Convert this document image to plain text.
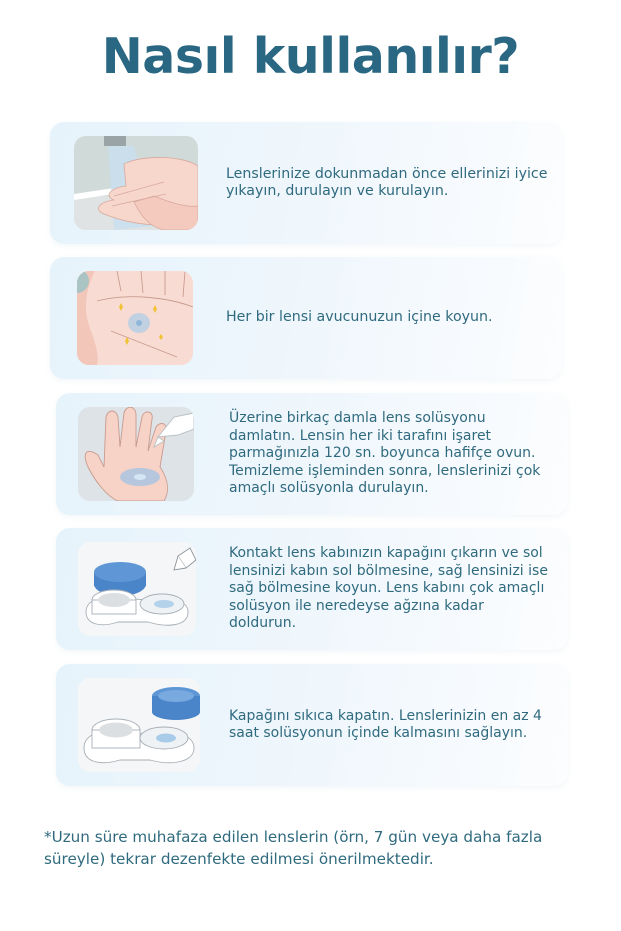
Nasıl kullanılır?
Lenslerinize dokunmadan önce ellerinizi iyice yıkayın, durulayın ve kurulayın.
Her bir lensi avucunuzun içine koyun.
Üzerine birkaç damla lens solüsyonu damlatın. Lensin her iki tarafını işaret parmağınızla 120 sn. boyunca hafifçe ovun. Temizleme işleminden sonra, lenslerinizi çok amaçlı solüsyonla durulayın.
Kontakt lens kabınızın kapağını çıkarın ve sol lensinizi kabın sol bölmesine, sağ lensinizi ise sağ bölmesine koyun. Lens kabını çok amaçlı solüsyon ile neredeyse ağzına kadar doldurun.
Kapağını sıkıca kapatın. Lenslerinizin en az 4 saat solüsyonun içinde kalmasını sağlayın.

*Uzun süre muhafaza edilen lenslerin (örn, 7 gün veya daha fazla süreyle) tekrar dezenfekte edilmesi önerilmektedir.
